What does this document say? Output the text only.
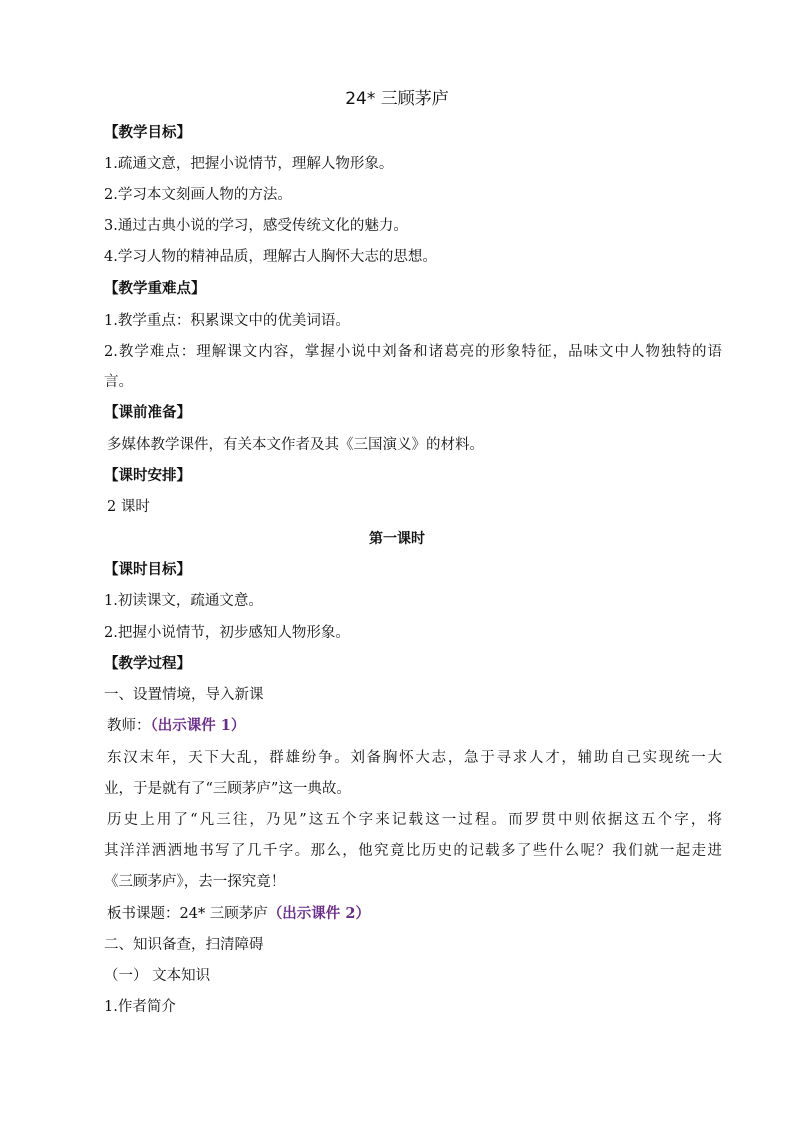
24* 三顾茅庐
【教学目标】
1.疏通文意，把握小说情节，理解人物形象。
2.学习本文刻画人物的方法。
3.通过古典小说的学习，感受传统文化的魅力。
4.学习人物的精神品质，理解古人胸怀大志的思想。
【教学重难点】
1.教学重点：积累课文中的优美词语。
2.教学难点：理解课文内容，掌握小说中刘备和诸葛亮的形象特征，品味文中人物独特的语
言。
【课前准备】
多媒体教学课件，有关本文作者及其《三国演义》的材料。
【课时安排】
2 课时
第一课时
【课时目标】
1.初读课文，疏通文意。
2.把握小说情节，初步感知人物形象。
【教学过程】
一、设置情境，导入新课
教师：（出示课件 1）
东汉末年，天下大乱，群雄纷争。刘备胸怀大志，急于寻求人才，辅助自己实现统一大
业，于是就有了“三顾茅庐”这一典故。
历史上用了“凡三往，乃见”这五个字来记载这一过程。而罗贯中则依据这五个字，将
其洋洋洒洒地书写了几千字。那么，他究竟比历史的记载多了些什么呢？我们就一起走进
《三顾茅庐》，去一探究竟！
板书课题：24* 三顾茅庐（出示课件 2）
二、知识备查，扫清障碍
（一） 文本知识
1.作者简介
